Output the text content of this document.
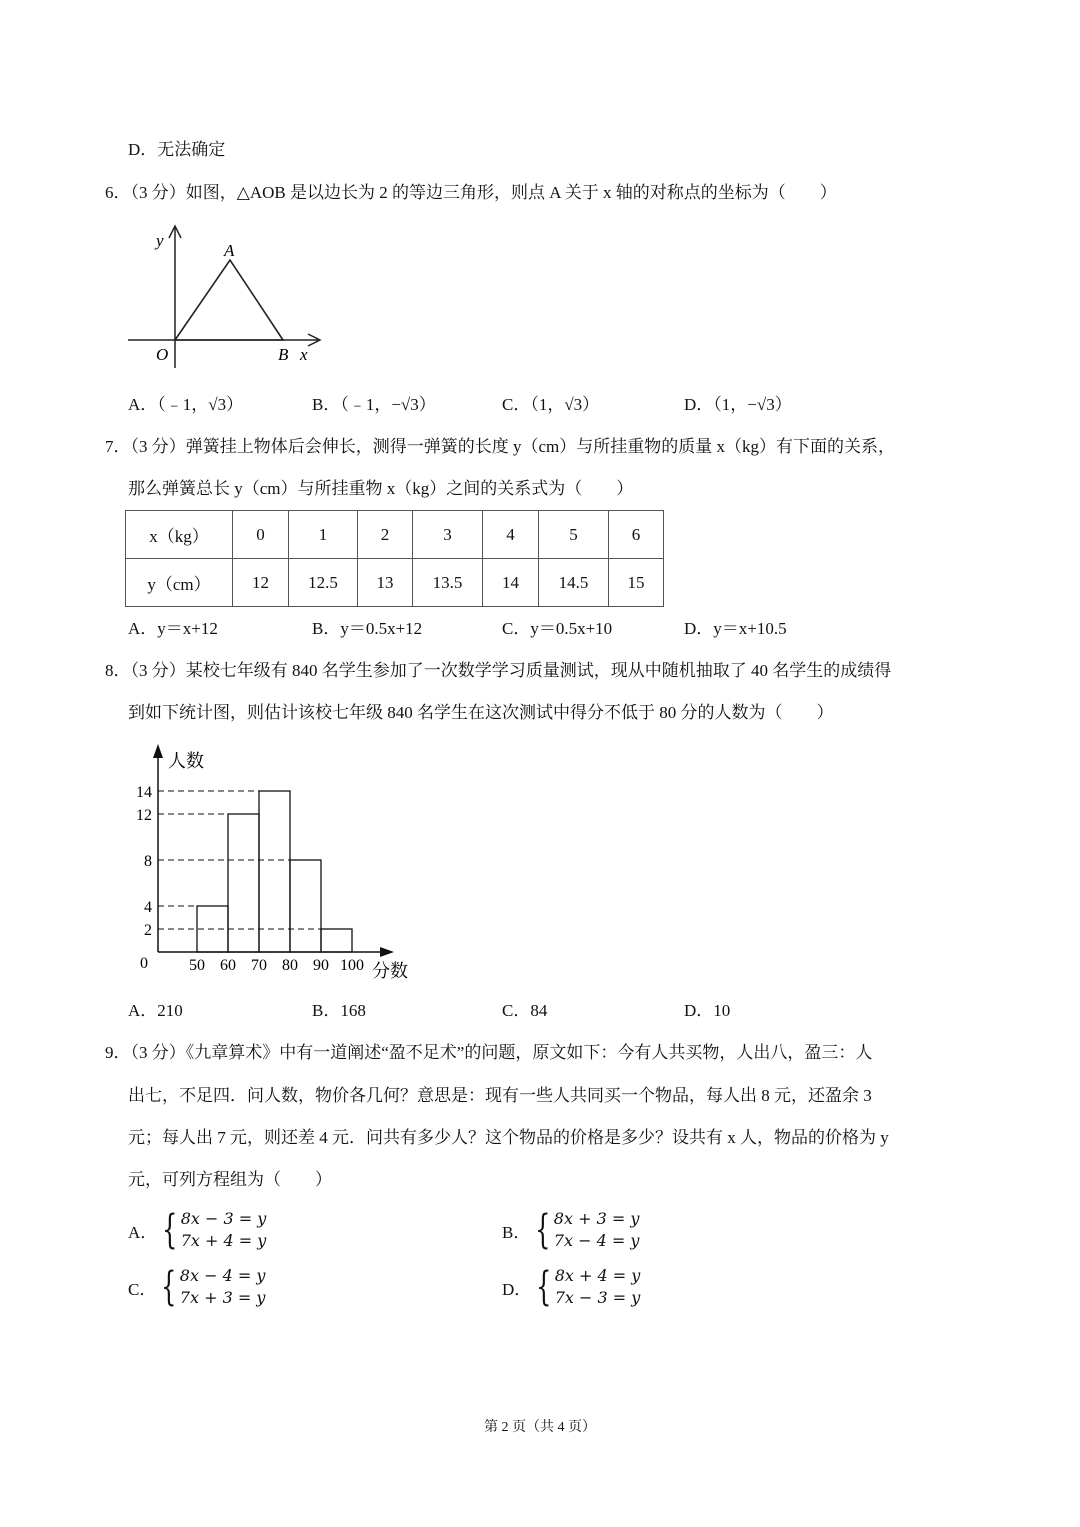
D．无法确定
6．（3 分）如图，△AOB 是以边长为 2 的等边三角形，则点 A 关于 x 轴的对称点的坐标为（　　）
y
A
O	B x
A．（﹣1，√3）	B．（﹣1，−√3）	C．（1，√3）	D．（1，−√3）
7．（3 分）弹簧挂上物体后会伸长，测得一弹簧的长度 y（cm）与所挂重物的质量 x（kg）有下面的关系，
那么弹簧总长 y（cm）与所挂重物 x（kg）之间的关系式为（　　）
x（kg）	0	1	2	3	4	5	6
y（cm）	12	12.5	13	13.5	14	14.5	15
A．y＝x+12	B．y＝0.5x+12	C．y＝0.5x+10	D．y＝x+10.5
8．（3 分）某校七年级有 840 名学生参加了一次数学学习质量测试，现从中随机抽取了 40 名学生的成绩得
到如下统计图，则估计该校七年级 840 名学生在这次测试中得分不低于 80 分的人数为（　　）
2
4
8
12
14
50 60 70 80 90 100
人数
分数
0
A．210	B．168	C．84	D．10
9．（3 分）《九章算术》中有一道阐述“盈不足术”的问题，原文如下：今有人共买物，人出八，盈三：人
出七，不足四．问人数，物价各几何？意思是：现有一些人共同买一个物品，每人出 8 元，还盈余 3
元；每人出 7 元，则还差 4 元．问共有多少人？这个物品的价格是多少？设共有 x 人，物品的价格为 y
元，可列方程组为（　　）
A． { 8x − 3 = y
7x + 4 = y	B． { 8x + 3 = y
7x − 4 = y
C． { 8x − 4 = y
7x + 3 = y	D． { 8x + 4 = y
7x − 3 = y
第 2 页（共 4 页）
